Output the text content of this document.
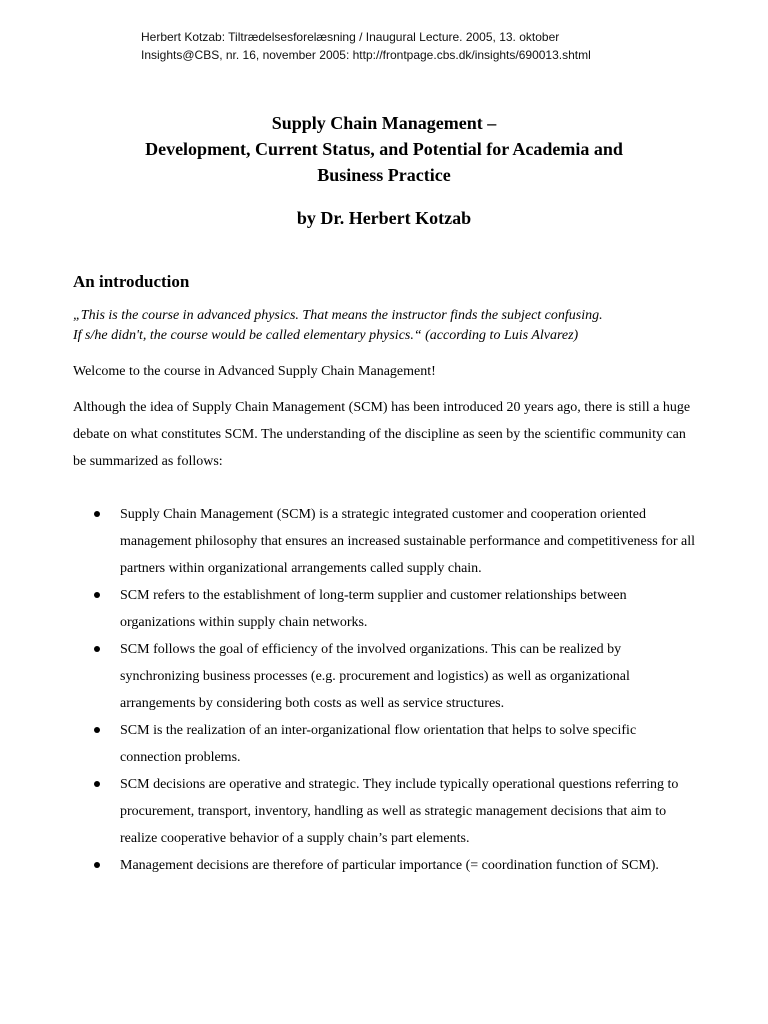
Herbert Kotzab: Tiltrædelsesforelæsning / Inaugural Lecture. 2005, 13. oktober
Insights@CBS, nr. 16, november 2005: http://frontpage.cbs.dk/insights/690013.shtml
Supply Chain Management –
Development, Current Status, and Potential for Academia and
Business Practice
by Dr. Herbert Kotzab
An introduction
„This is the course in advanced physics. That means the instructor finds the subject confusing.
If s/he didn't, the course would be called elementary physics.“ (according to Luis Alvarez)
Welcome to the course in Advanced Supply Chain Management!
Although the idea of Supply Chain Management (SCM) has been introduced 20 years ago, there is still a huge debate on what constitutes SCM. The understanding of the discipline as seen by the scientific community can be summarized as follows:
Supply Chain Management (SCM) is a strategic integrated customer and cooperation oriented management philosophy that ensures an increased sustainable performance and competitiveness for all partners within organizational arrangements called supply chain.
SCM refers to the establishment of long-term supplier and customer relationships between organizations within supply chain networks.
SCM follows the goal of efficiency of the involved organizations. This can be realized by synchronizing business processes (e.g. procurement and logistics) as well as organizational arrangements by considering both costs as well as service structures.
SCM is the realization of an inter-organizational flow orientation that helps to solve specific connection problems.
SCM decisions are operative and strategic. They include typically operational questions referring to procurement, transport, inventory, handling as well as strategic management decisions that aim to realize cooperative behavior of a supply chain’s part elements.
Management decisions are therefore of particular importance (= coordination function of SCM).
